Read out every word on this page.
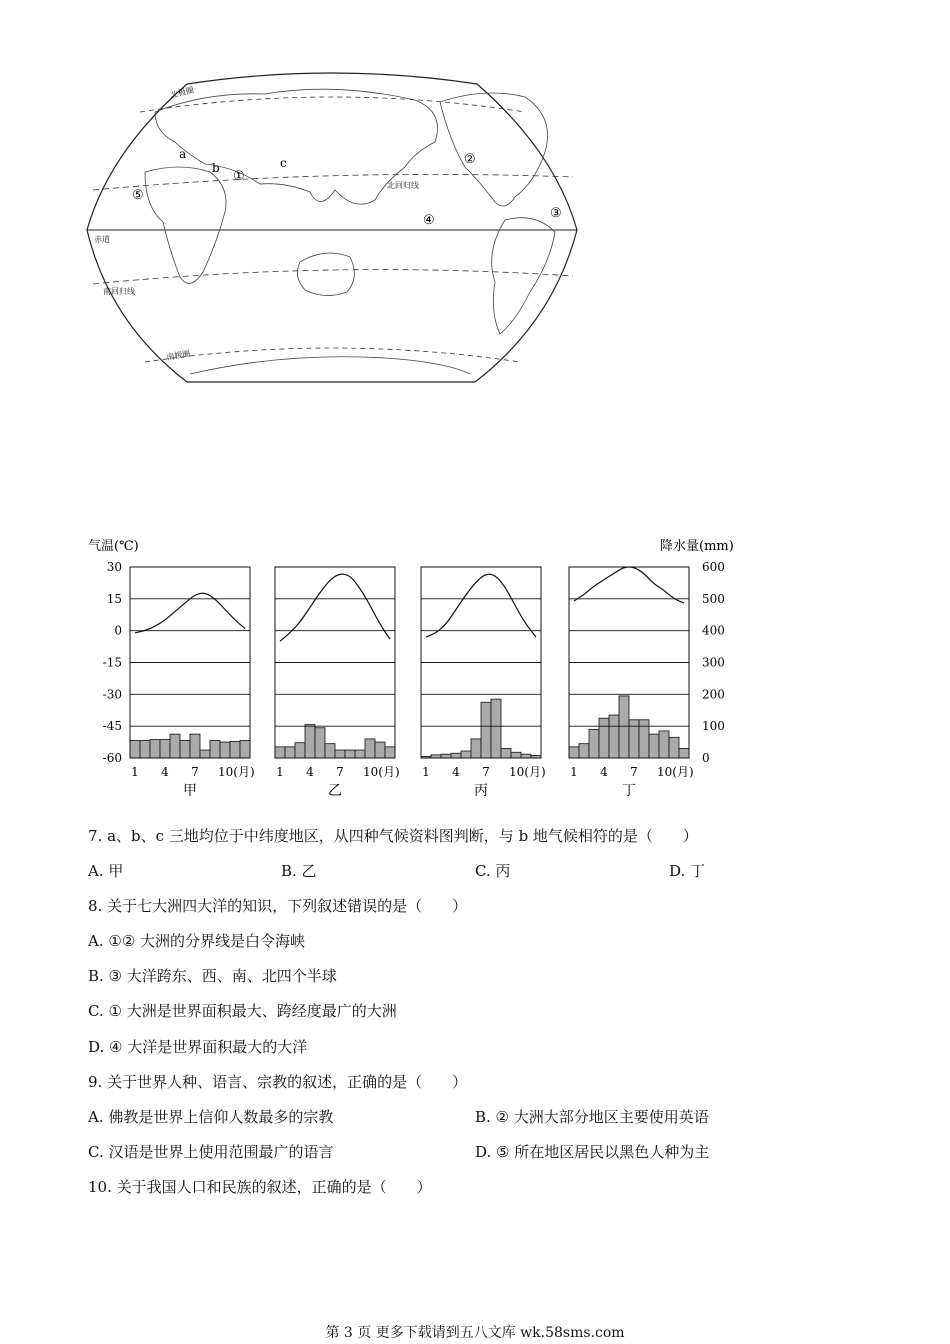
北极圈
北回归线
赤道
南回归线
南极圈
a
b	c
①
②
③
④
⑤
气温(℃)	降水量(mm)
30
15
0
-15
-30
-45
-60
600
500
400
300
200
100
0
1 4 7 10(月)
甲
1 4 7 10(月)
乙
1 4 7 10(月)
丙
1 4 7 10(月)
丁
7. a、b、c 三地均位于中纬度地区，从四种气候资料图判断，与 b 地气候相符的是（　　）
A. 甲	B. 乙	C. 丙	D. 丁
8. 关于七大洲四大洋的知识，下列叙述错误的是（　　）
A. ①② 大洲的分界线是白令海峡
B. ③ 大洋跨东、西、南、北四个半球
C. ① 大洲是世界面积最大、跨经度最广的大洲
D. ④ 大洋是世界面积最大的大洋
9. 关于世界人种、语言、宗教的叙述，正确的是（　　）
A. 佛教是世界上信仰人数最多的宗教	B. ② 大洲大部分地区主要使用英语
C. 汉语是世界上使用范围最广的语言	D. ⑤ 所在地区居民以黑色人种为主
10. 关于我国人口和民族的叙述，正确的是（　　）
第 3 页 更多下载请到五八文库 wk.58sms.com
